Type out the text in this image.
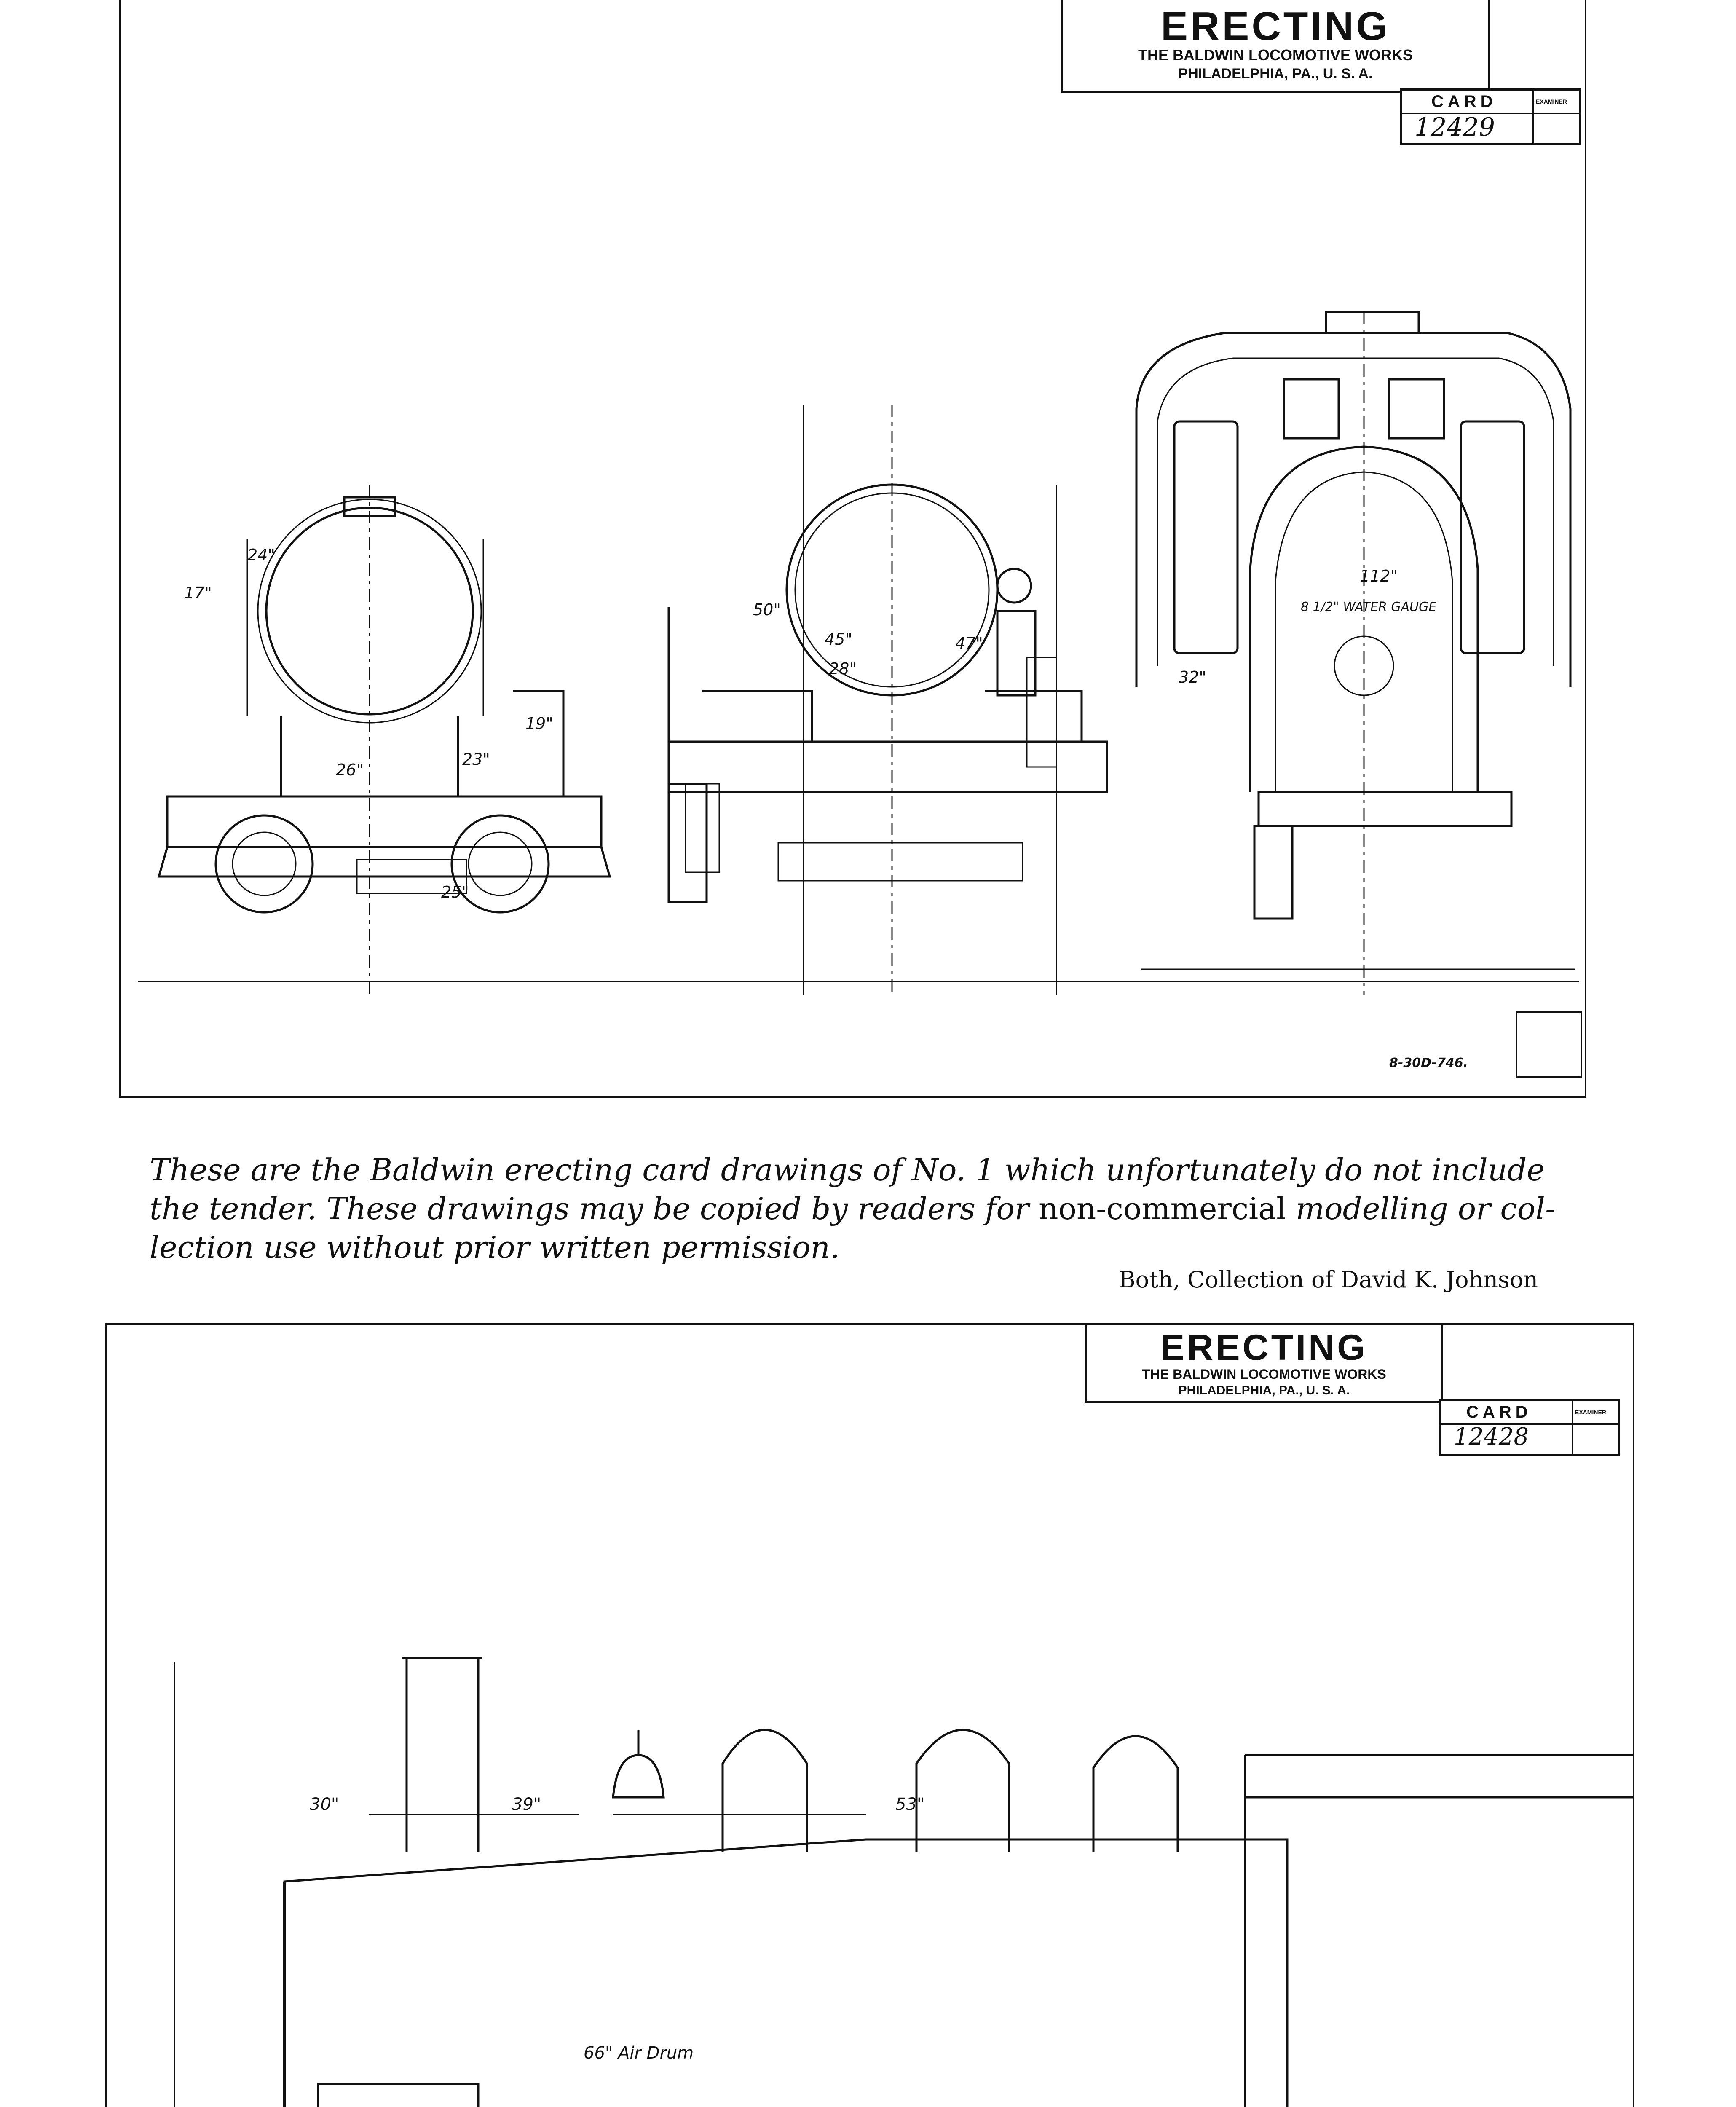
24"
17"
23"
19"
26"
25"
50"
45"
28"
47"
112"
32"
8 1/2" WATER GAUGE
ERECTING
THE BALDWIN LOCOMOTIVE WORKS
PHILADELPHIA, PA., U. S. A.
CARD	EXAMINER
12429
8-30D-746.
These are the Baldwin erecting card drawings of No. 1 which unfortunately do not include the tender. These drawings may be copied by readers for non-commercial modelling or col-lection use without prior written permission.
Both, Collection of David K. Johnson
30"	39"	53"
66" Air Drum
ERECTING
THE BALDWIN LOCOMOTIVE WORKS
PHILADELPHIA, PA., U. S. A.
CARD	EXAMINER
12428
